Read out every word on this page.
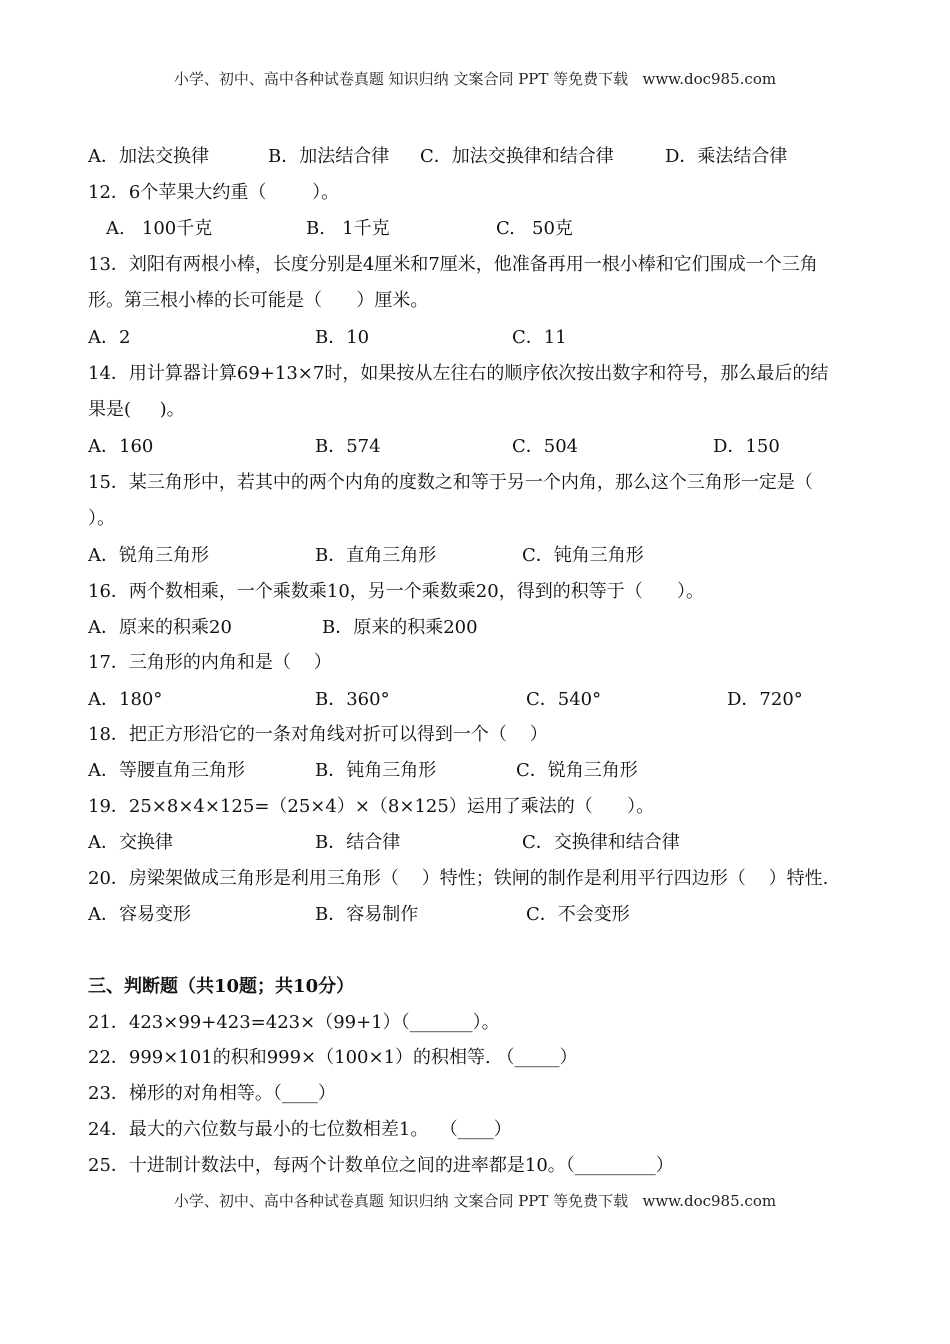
小学、初中、高中各种试卷真题 知识归纳 文案合同 PPT 等免费下载   www.doc985.com
A．加法交换律	B．加法结合律 C．加法交换律和结合律	D．乘法结合律
12．6个苹果大约重（        ）。
A.   100千克	B.   1千克	C.   50克
13．刘阳有两根小棒，长度分别是4厘米和7厘米，他准备再用一根小棒和它们围成一个三角
形。第三根小棒的长可能是（      ）厘米。
A．2	B．10	C．11
14．用计算器计算69+13×7时，如果按从左往右的顺序依次按出数字和符号，那么最后的结
果是(     )。
A．160	B．574	C．504	D．150
15．某三角形中，若其中的两个内角的度数之和等于另一个内角，那么这个三角形一定是（
）。
A．锐角三角形	B．直角三角形	C．钝角三角形
16．两个数相乘，一个乘数乘10，另一个乘数乘20，得到的积等于（      ）。
A．原来的积乘20	B．原来的积乘200
17．三角形的内角和是（    ）
A．180°	B．360°	C．540°	D．720°
18．把正方形沿它的一条对角线对折可以得到一个（    ）
A．等腰直角三角形	B．钝角三角形	C．锐角三角形
19．25×8×4×125=（25×4）×（8×125）运用了乘法的（      ）。
A．交换律	B．结合律	C．交换律和结合律
20．房梁架做成三角形是利用三角形（    ）特性；铁闸的制作是利用平行四边形（    ）特性.
A．容易变形	B．容易制作	C．不会变形
三、判断题（共10题；共10分）
21．423×99+423=423×（99+1）（_______）。
22．999×101的积和999×（100×1）的积相等. （_____）
23．梯形的对角相等。（____）
24．最大的六位数与最小的七位数相差1。  （____）
25．十进制计数法中，每两个计数单位之间的进率都是10。（_________）
小学、初中、高中各种试卷真题 知识归纳 文案合同 PPT 等免费下载   www.doc985.com
